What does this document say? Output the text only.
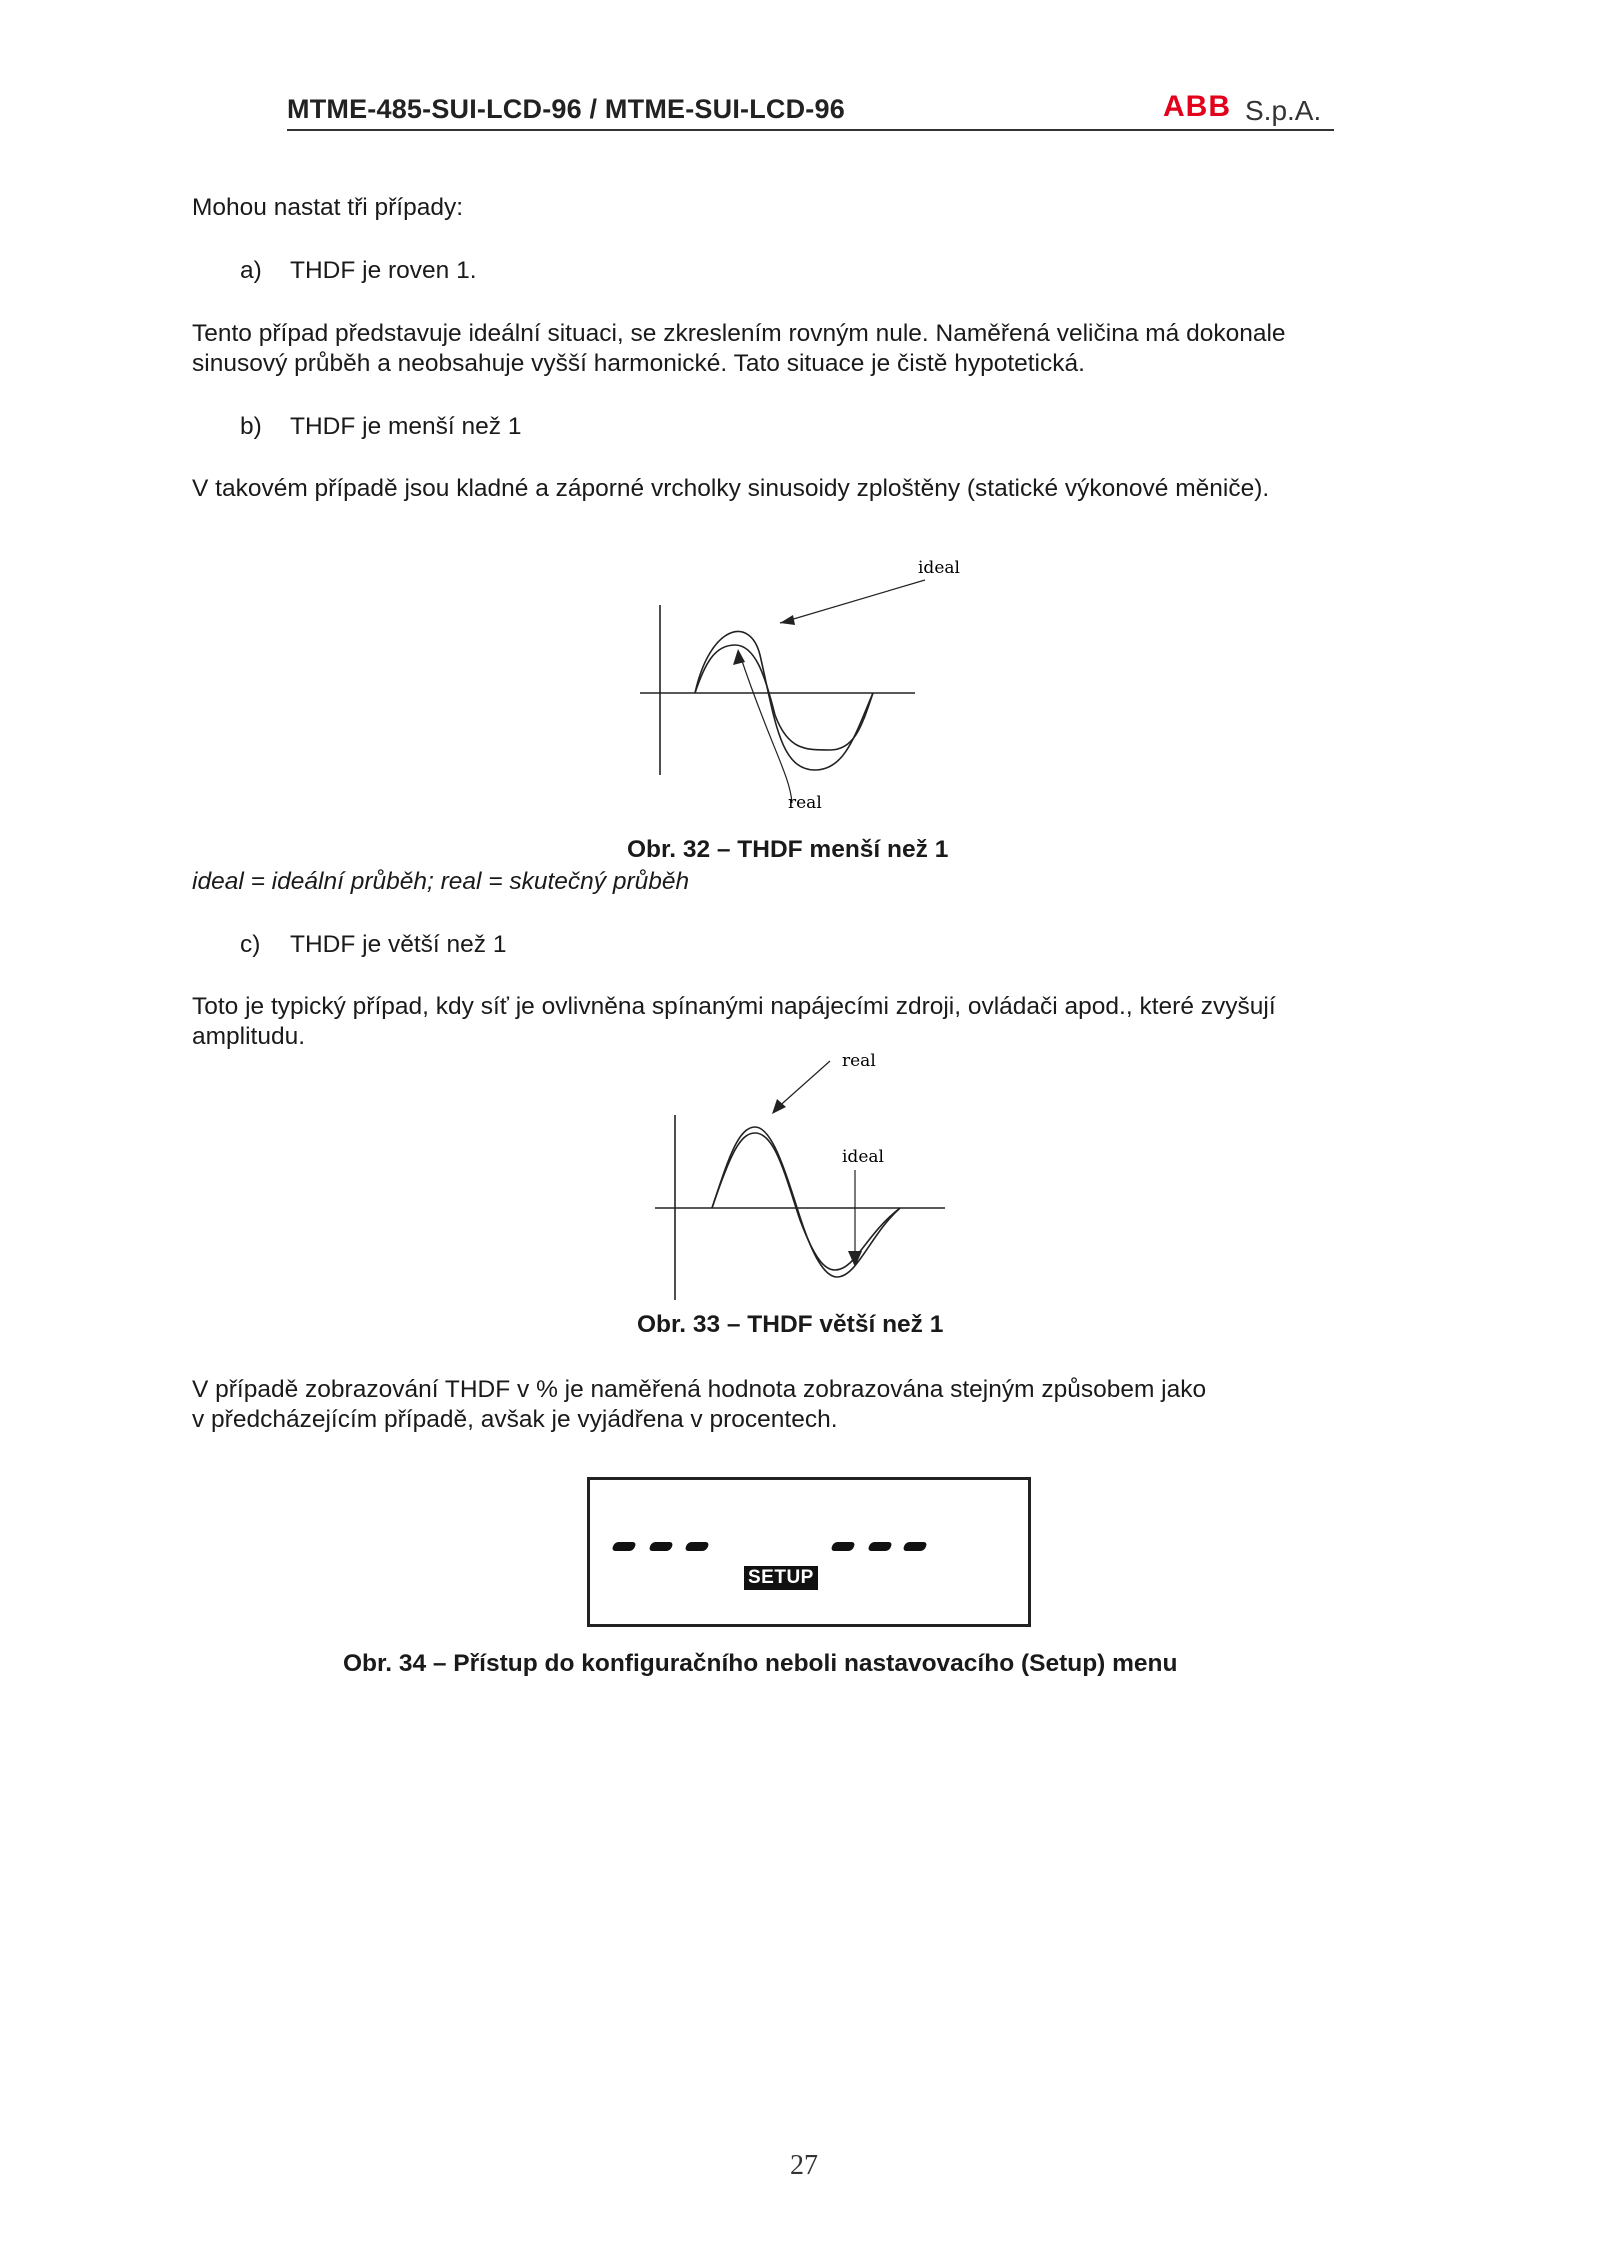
MTME-485-SUI-LCD-96 / MTME-SUI-LCD-96	ABB S.p.A.
Mohou nastat tři případy:
a) THDF je roven 1.
Tento případ představuje ideální situaci, se zkreslením rovným nule. Naměřená veličina má dokonale
sinusový průběh a neobsahuje vyšší harmonické. Tato situace je čistě hypotetická.
b) THDF je menší než 1
V takovém případě jsou kladné a záporné vrcholky sinusoidy zploštěny (statické výkonové měniče).
ideal
real
Obr. 32 – THDF menší než 1
ideal = ideální průběh; real = skutečný průběh
c) THDF je větší než 1
Toto je typický případ, kdy síť je ovlivněna spínanými napájecími zdroji, ovládači apod., které zvyšují
amplitudu.
real
ideal
Obr. 33 – THDF větší než 1
V případě zobrazování THDF v % je naměřená hodnota zobrazována stejným způsobem jako
v předcházejícím případě, avšak je vyjádřena v procentech.
SETUP
Obr. 34 – Přístup do konfiguračního neboli nastavovacího (Setup) menu
27
